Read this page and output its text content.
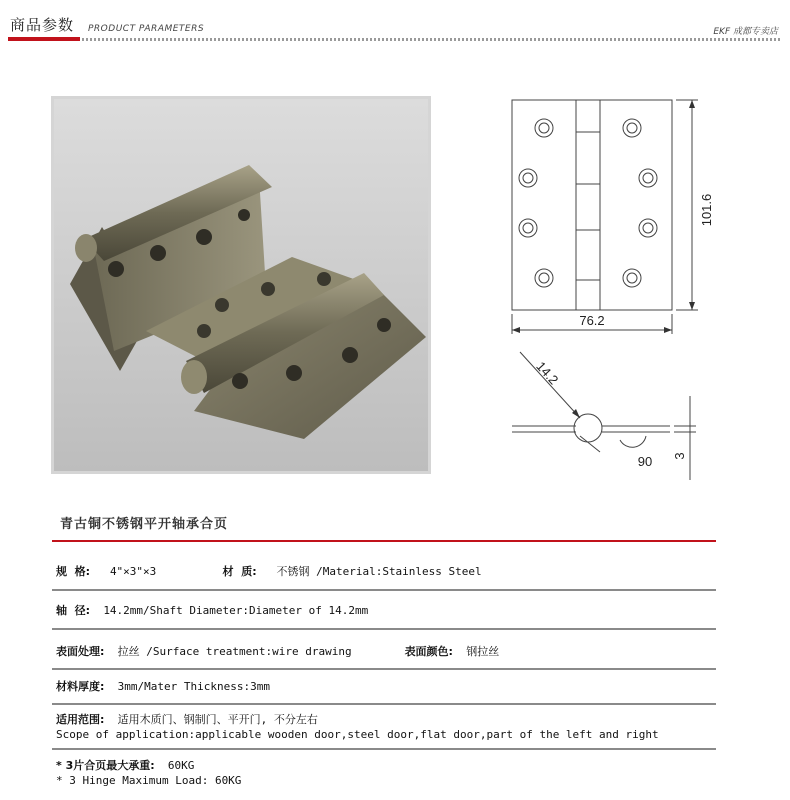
商品参数 PRODUCT PARAMETERS	EKF 成都专卖店
101.6
76.2
14.2
90 3
青古铜不锈钢平开轴承合页
规  格: 4"×3"×3	材  质: 不锈钢 /Material:Stainless Steel
轴  径: 14.2mm/Shaft Diameter:Diameter of 14.2mm
表面处理: 拉丝 /Surface treatment:wire drawing	表面颜色: 钢拉丝
材料厚度: 3mm/Mater Thickness:3mm
适用范围: 适用木质门、钢制门、平开门, 不分左右
Scope of application:applicable wooden door,steel door,flat door,part of the left and right
* 3片合页最大承重: 60KG
* 3 Hinge Maximum Load: 60KG
